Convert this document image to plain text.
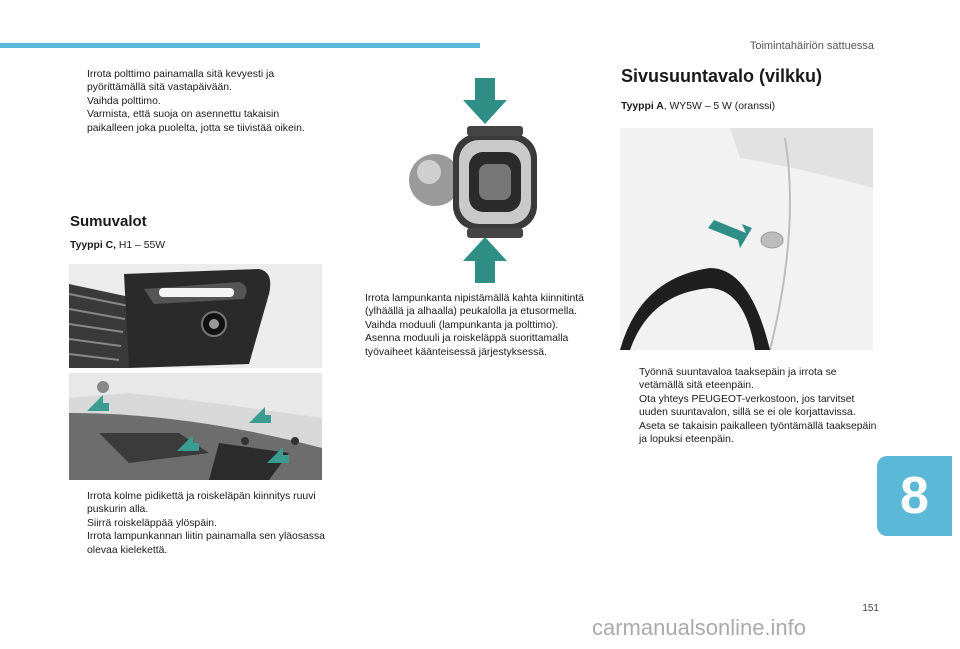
Toimintahäiriön sattuessa
Irrota polttimo painamalla sitä kevyesti ja pyörittämällä sitä vastapäivään.
Vaihda polttimo.
Varmista, että suoja on asennettu takaisin paikalleen joka puolelta, jotta se tiivistää oikein.
Sumuvalot
Tyyppi C, H1 – 55W
Irrota kolme pidikettä ja roiskeläpän kiinnitys ruuvi puskurin alla.
Siirrä roiskeläppää ylöspäin.
Irrota lampunkannan liitin painamalla sen yläosassa olevaa kielekettä.
Irrota lampunkanta nipistämällä kahta kiinnitintä (ylhäällä ja alhaalla) peukalolla ja etusormella.
Vaihda moduuli (lampunkanta ja polttimo).
Asenna moduuli ja roiskeläppä suorittamalla työvaiheet käänteisessä järjestyksessä.
Sivusuuntavalo (vilkku)
Tyyppi A, WY5W – 5 W (oranssi)
Työnnä suuntavaloa taaksepäin ja irrota se vetämällä sitä eteenpäin.
Ota yhteys PEUGEOT-verkostoon, jos tarvitset uuden suuntavalon, sillä se ei ole korjattavissa.
Aseta se takaisin paikalleen työntämällä taaksepäin ja lopuksi eteenpäin.
8
151
carmanualsonline.info
